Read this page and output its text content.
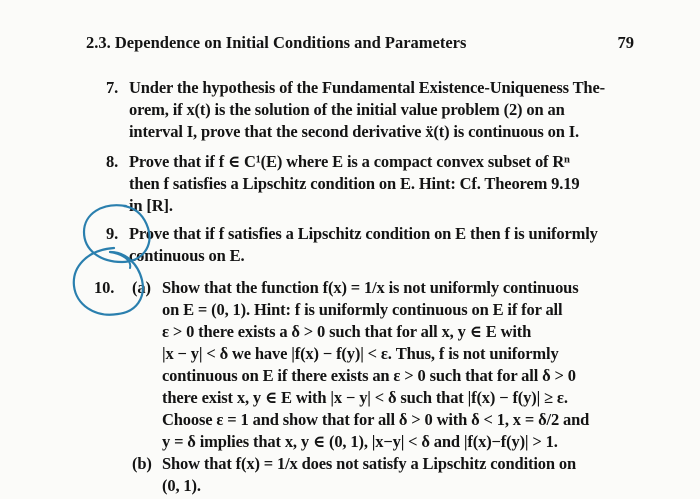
2.3. Dependence on Initial Conditions and Parameters	79
7. Under the hypothesis of the Fundamental Existence-Uniqueness The-
orem, if x(t) is the solution of the initial value problem (2) on an
interval I, prove that the second derivative ẍ(t) is continuous on I.
8. Prove that if f ∈ C¹(E) where E is a compact convex subset of Rⁿ
then f satisfies a Lipschitz condition on E. Hint: Cf. Theorem 9.19
in [R].
9. Prove that if f satisfies a Lipschitz condition on E then f is uniformly
continuous on E.
10. (a) Show that the function f(x) = 1/x is not uniformly continuous
on E = (0, 1). Hint: f is uniformly continuous on E if for all
ε > 0 there exists a δ > 0 such that for all x, y ∈ E with
|x − y| < δ we have |f(x) − f(y)| < ε. Thus, f is not uniformly
continuous on E if there exists an ε > 0 such that for all δ > 0
there exist x, y ∈ E with |x − y| < δ such that |f(x) − f(y)| ≥ ε.
Choose ε = 1 and show that for all δ > 0 with δ < 1, x = δ/2 and
y = δ implies that x, y ∈ (0, 1), |x−y| < δ and |f(x)−f(y)| > 1.
(b) Show that f(x) = 1/x does not satisfy a Lipschitz condition on
(0, 1).
